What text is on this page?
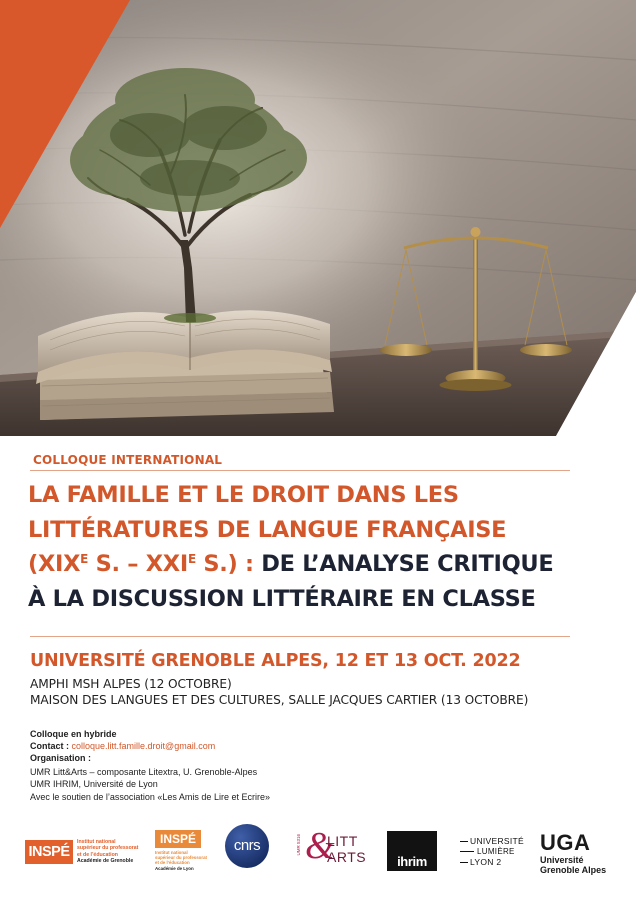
COLLOQUE INTERNATIONAL
LA FAMILLE ET LE DROIT DANS LES
LITTÉRATURES DE LANGUE FRANÇAISE
($XIX^E$ S. – $XXI^E$ S.) : DE L’ANALYSE CRITIQUE
À LA DISCUSSION LITTÉRAIRE EN CLASSE
UNIVERSITÉ GRENOBLE ALPES, 12 ET 13 OCT. 2022
AMPHI MSH ALPES (12 OCTOBRE)
MAISON DES LANGUES ET DES CULTURES, SALLE JACQUES CARTIER (13 OCTOBRE)
Colloque en hybride
Contact : colloque.litt.famille.droit@gmail.com
Organisation :
UMR Litt&Arts – composante Litextra, U. Grenoble-Alpes
UMR IHRIM, Université de Lyon
Avec le soutien de l’association «Les Amis de Lire et Ecrire»
INSPÉ
Institut national
supérieur du professorat
et de l’éducation
Académie de Grenoble
INSPÉ
Institut national
supérieur du professorat
et de l’éducation
Académie de Lyon
cnrs	UMR 5316 &
LITT
ARTS	ihrim
UNIVERSITÉ
LUMIÈRE
LYON 2
UGA
Université
Grenoble Alpes
